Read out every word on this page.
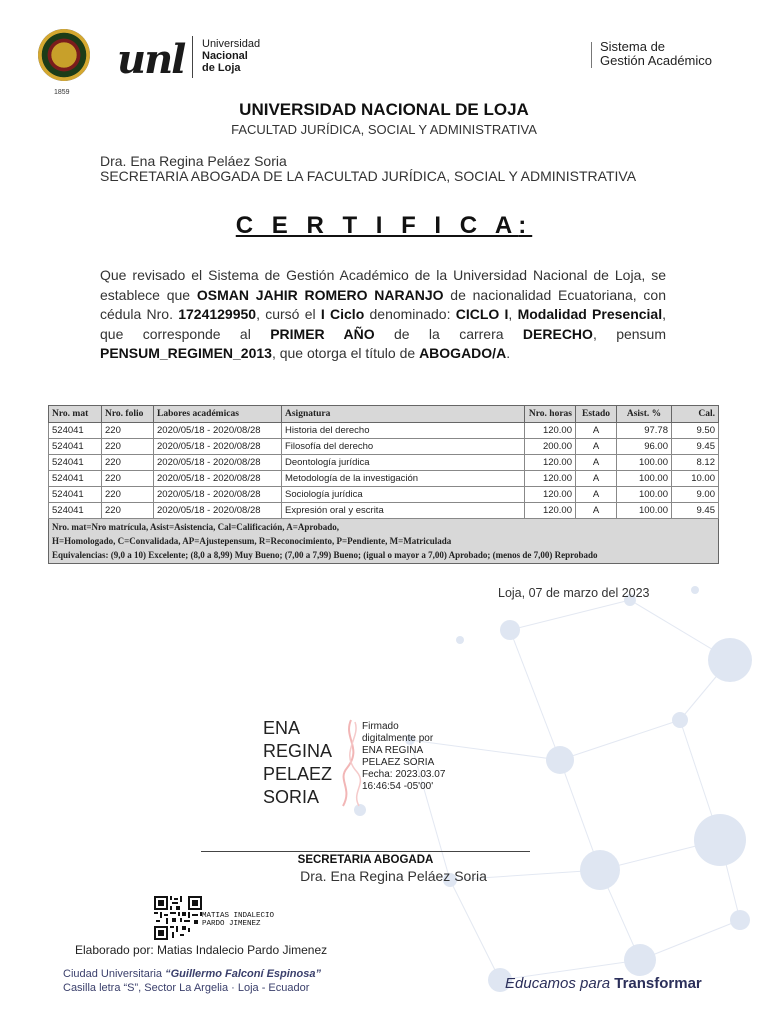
1859
unl Universidad
Nacional
de Loja
Sistema de
Gestión Académico
UNIVERSIDAD NACIONAL DE LOJA
FACULTAD JURÍDICA, SOCIAL Y ADMINISTRATIVA
Dra. Ena Regina Peláez Soria
SECRETARIA ABOGADA DE LA FACULTAD JURÍDICA, SOCIAL Y ADMINISTRATIVA
C E R T I F I C A:
Que revisado el Sistema de Gestión Académico de la Universidad Nacional de Loja, se establece que OSMAN JAHIR ROMERO NARANJO de nacionalidad Ecuatoriana, con cédula Nro. 1724129950, cursó el I Ciclo denominado: CICLO I, Modalidad Presencial, que corresponde al PRIMER AÑO de la carrera DERECHO, pensum PENSUM_REGIMEN_2013, que otorga el título de ABOGADO/A.
Nro. mat	Nro. folio	Labores académicas	Asignatura	Nro. horas	Estado	Asist. %	Cal.
524041	220	2020/05/18 - 2020/08/28	Historia del derecho	120.00	A	97.78	9.50
524041	220	2020/05/18 - 2020/08/28	Filosofía del derecho	200.00	A	96.00	9.45
524041	220	2020/05/18 - 2020/08/28	Deontología jurídica	120.00	A	100.00	8.12
524041	220	2020/05/18 - 2020/08/28	Metodología de la investigación	120.00	A	100.00	10.00
524041	220	2020/05/18 - 2020/08/28	Sociología jurídica	120.00	A	100.00	9.00
524041	220	2020/05/18 - 2020/08/28	Expresión oral y escrita	120.00	A	100.00	9.45

Nro. mat=Nro matrícula, Asist=Asistencia, Cal=Calificación, A=Aprobado,
H=Homologado, C=Convalidada, AP=Ajustepensum, R=Reconocimiento, P=Pendiente, M=Matriculada
Equivalencias: (9,0 a 10) Excelente; (8,0 a 8,99) Muy Bueno; (7,00 a 7,99) Bueno; (igual o mayor a 7,00) Aprobado; (menos de 7,00) Reprobado							
Loja, 07 de marzo del 2023
ENA
REGINA
PELAEZ
SORIA
Firmado
digitalmente por
ENA REGINA
PELAEZ SORIA
Fecha: 2023.03.07
16:46:54 -05'00'
SECRETARIA ABOGADA
Dra. Ena Regina Peláez Soria
MATIAS INDALECIO
PARDO JIMENEZ
Elaborado por: Matias Indalecio Pardo Jimenez
Ciudad Universitaria “Guillermo Falconí Espinosa”
Casilla letra “S”, Sector La Argelia · Loja - Ecuador	Educamos para Transformar
